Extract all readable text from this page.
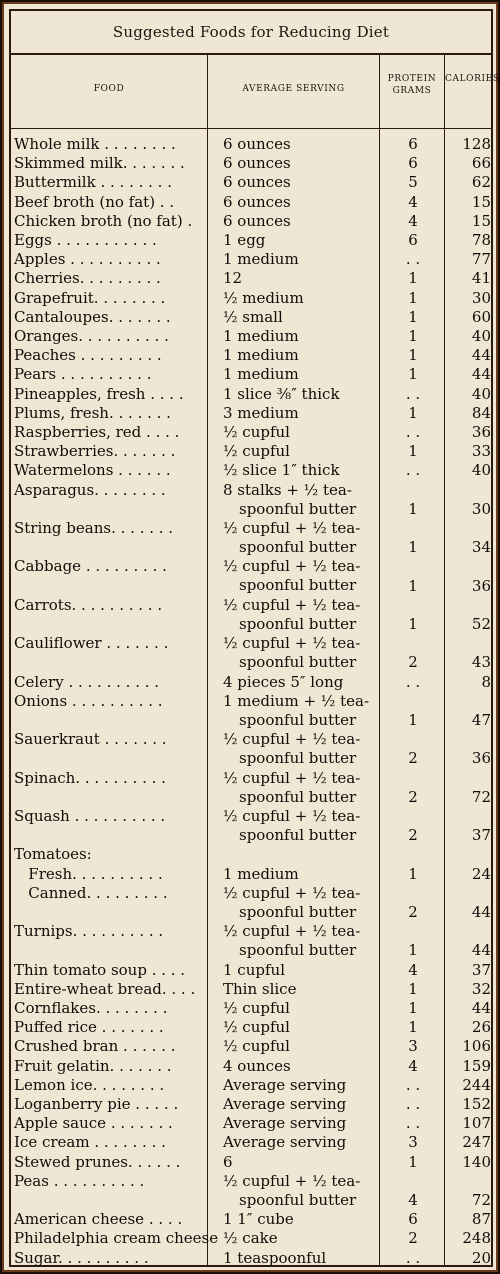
Suggested Foods for Reducing Diet
FOOD	AVERAGE SERVING
PROTEIN GRAMS
CALORIES
Whole milk . . . . . . . .	6 ounces	6	128
Skimmed milk. . . . . . .	6 ounces	6	66
Buttermilk . . . . . . . .	6 ounces	5	62
Beef broth (no fat) . .	6 ounces	4	15
Chicken broth (no fat) . 6 ounces	4	15
Eggs . . . . . . . . . . .	1 egg	6	78
Apples . . . . . . . . . .	1 medium	. .	77
Cherries. . . . . . . . .	12	1	41
Grapefruit. . . . . . . .	½ medium	1	30
Cantaloupes. . . . . . .	½ small	1	60
Oranges. . . . . . . . . .	1 medium	1	40
Peaches . . . . . . . . .	1 medium	1	44
Pears . . . . . . . . . .	1 medium	1	44
Pineapples, fresh . . . .	1 slice ⅜″ thick	. .	40
Plums, fresh. . . . . . .	3 medium	1	84
Raspberries, red . . . .	½ cupful	. .	36
Strawberries. . . . . . .	½ cupful	1	33
Watermelons . . . . . .	½ slice 1″ thick	. .	40
Asparagus. . . . . . . .	8 stalks + ½ tea-
spoonful butter	1	30
String beans. . . . . . .	½ cupful + ½ tea-
spoonful butter	1	34
Cabbage . . . . . . . . .	½ cupful + ½ tea-
spoonful butter	1	36
Carrots. . . . . . . . . .	½ cupful + ½ tea-
spoonful butter	1	52
Cauliflower . . . . . . .	½ cupful + ½ tea-
spoonful butter	2	43
Celery . . . . . . . . . .	4 pieces 5″ long	. .	8
Onions . . . . . . . . . .	1 medium + ½ tea-
spoonful butter	1	47
Sauerkraut . . . . . . .	½ cupful + ½ tea-
spoonful butter	2	36
Spinach. . . . . . . . . .	½ cupful + ½ tea-
spoonful butter	2	72
Squash . . . . . . . . . .	½ cupful + ½ tea-
spoonful butter	2	37
Tomatoes:
Fresh. . . . . . . . . .	1 medium	1	24
Canned. . . . . . . . .	½ cupful + ½ tea-
spoonful butter	2	44
Turnips. . . . . . . . . .	½ cupful + ½ tea-
spoonful butter	1	44
Thin tomato soup . . . .	1 cupful	4	37
Entire-wheat bread. . . . Thin slice	1	32
Cornflakes. . . . . . . .	½ cupful	1	44
Puffed rice . . . . . . .	½ cupful	1	26
Crushed bran . . . . . .	½ cupful	3	106
Fruit gelatin. . . . . . .	4 ounces	4	159
Lemon ice. . . . . . . .	Average serving	. .	244
Loganberry pie . . . . .	Average serving	. .	152
Apple sauce . . . . . . .	Average serving	. .	107
Ice cream . . . . . . . .	Average serving	3	247
Stewed prunes. . . . . .	6	1	140
Peas . . . . . . . . . .	½ cupful + ½ tea-
spoonful butter	4	72
American cheese . . . .	1 1″ cube	6	87
Philadelphia cream cheese ½ cake	2	248
Sugar. . . . . . . . . .	1 teaspoonful	. .	20
